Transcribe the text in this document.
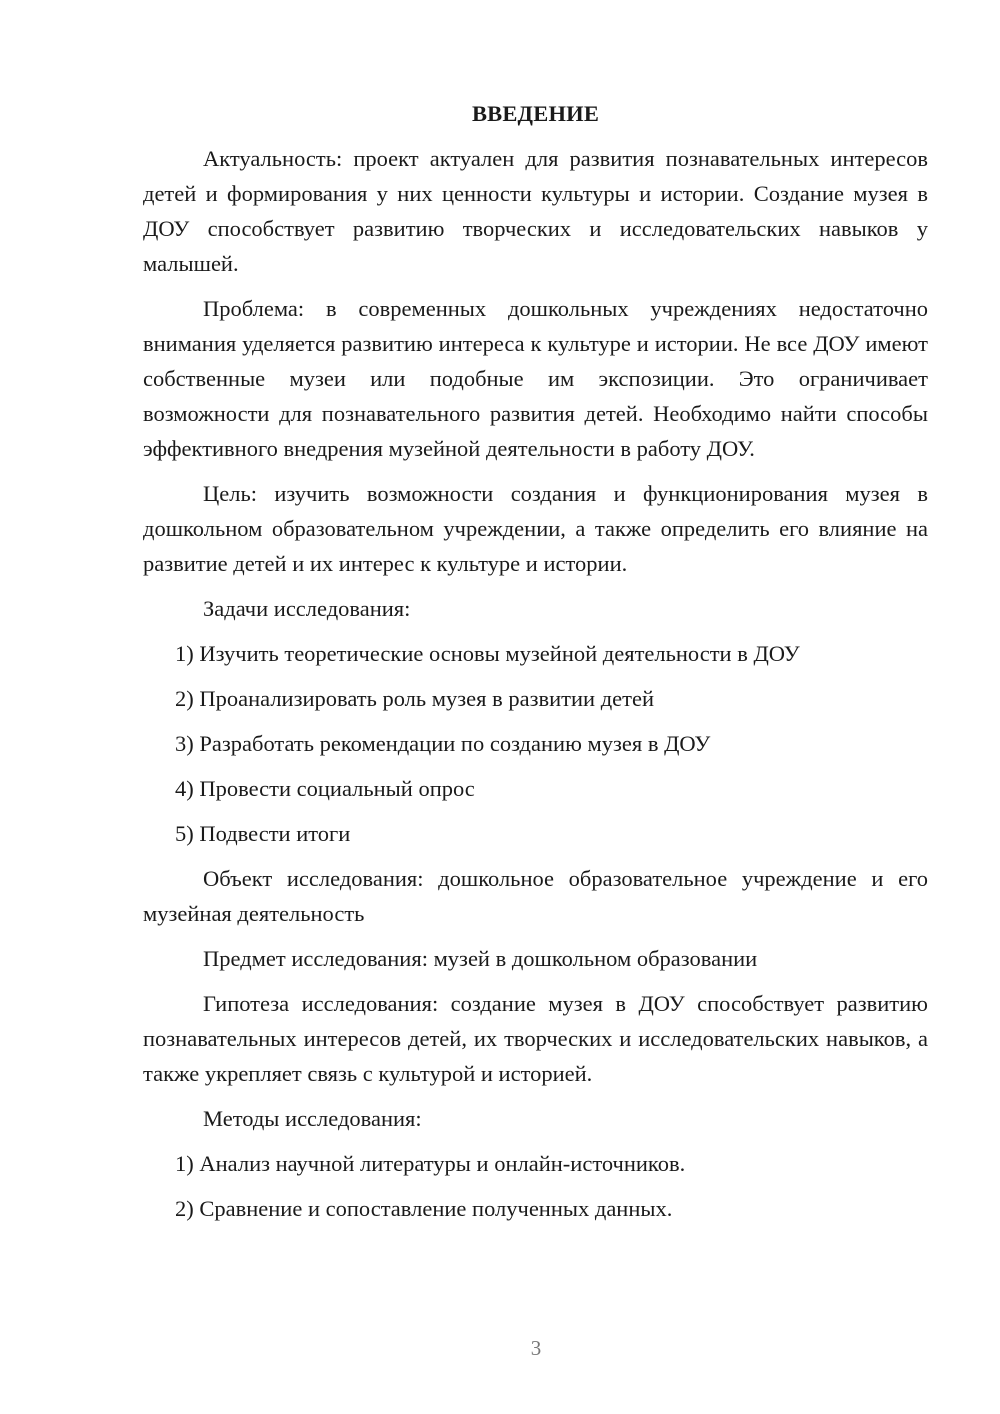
ВВЕДЕНИЕ

Актуальность: проект актуален для развития познавательных интересов детей и формирования у них ценности культуры и истории. Создание музея в ДОУ способствует развитию творческих и исследовательских навыков у малышей.

Проблема: в современных дошкольных учреждениях недостаточно внимания уделяется развитию интереса к культуре и истории. Не все ДОУ имеют собственные музеи или подобные им экспозиции. Это ограничивает возможности для познавательного развития детей. Необходимо найти способы эффективного внедрения музейной деятельности в работу ДОУ.

Цель: изучить возможности создания и функционирования музея в дошкольном образовательном учреждении, а также определить его влияние на развитие детей и их интерес к культуре и истории.

Задачи исследования:

1) Изучить теоретические основы музейной деятельности в ДОУ
2) Проанализировать роль музея в развитии детей
3) Разработать рекомендации по созданию музея в ДОУ
4) Провести социальный опрос
5) Подвести итоги

Объект исследования: дошкольное образовательное учреждение и его музейная деятельность

Предмет исследования: музей в дошкольном образовании

Гипотеза исследования: создание музея в ДОУ способствует развитию познавательных интересов детей, их творческих и исследовательских навыков, а также укрепляет связь с культурой и историей.

Методы исследования:

1) Анализ научной литературы и онлайн-источников.
2) Сравнение и сопоставление полученных данных.
3
